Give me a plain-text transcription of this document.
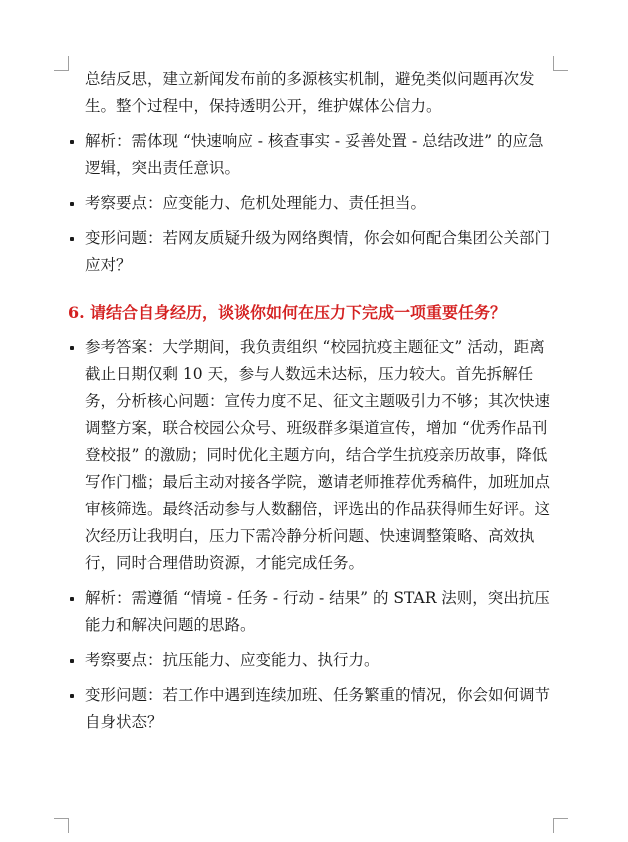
总结反思，建立新闻发布前的多源核实机制，避免类似问题再次发生。整个过程中，保持透明公开，维护媒体公信力。
解析：需体现 “快速响应 - 核查事实 - 妥善处置 - 总结改进” 的应急逻辑，突出责任意识。
考察要点：应变能力、危机处理能力、责任担当。
变形问题：若网友质疑升级为网络舆情，你会如何配合集团公关部门应对？
6. 请结合自身经历，谈谈你如何在压力下完成一项重要任务？
参考答案：大学期间，我负责组织 “校园抗疫主题征文” 活动，距离截止日期仅剩 10 天，参与人数远未达标，压力较大。首先拆解任务，分析核心问题：宣传力度不足、征文主题吸引力不够；其次快速调整方案，联合校园公众号、班级群多渠道宣传，增加 “优秀作品刊登校报” 的激励；同时优化主题方向，结合学生抗疫亲历故事，降低写作门槛；最后主动对接各学院，邀请老师推荐优秀稿件，加班加点审核筛选。最终活动参与人数翻倍，评选出的作品获得师生好评。这次经历让我明白，压力下需冷静分析问题、快速调整策略、高效执行，同时合理借助资源，才能完成任务。
解析：需遵循 “情境 - 任务 - 行动 - 结果” 的 STAR 法则，突出抗压能力和解决问题的思路。
考察要点：抗压能力、应变能力、执行力。
变形问题：若工作中遇到连续加班、任务繁重的情况，你会如何调节自身状态？
